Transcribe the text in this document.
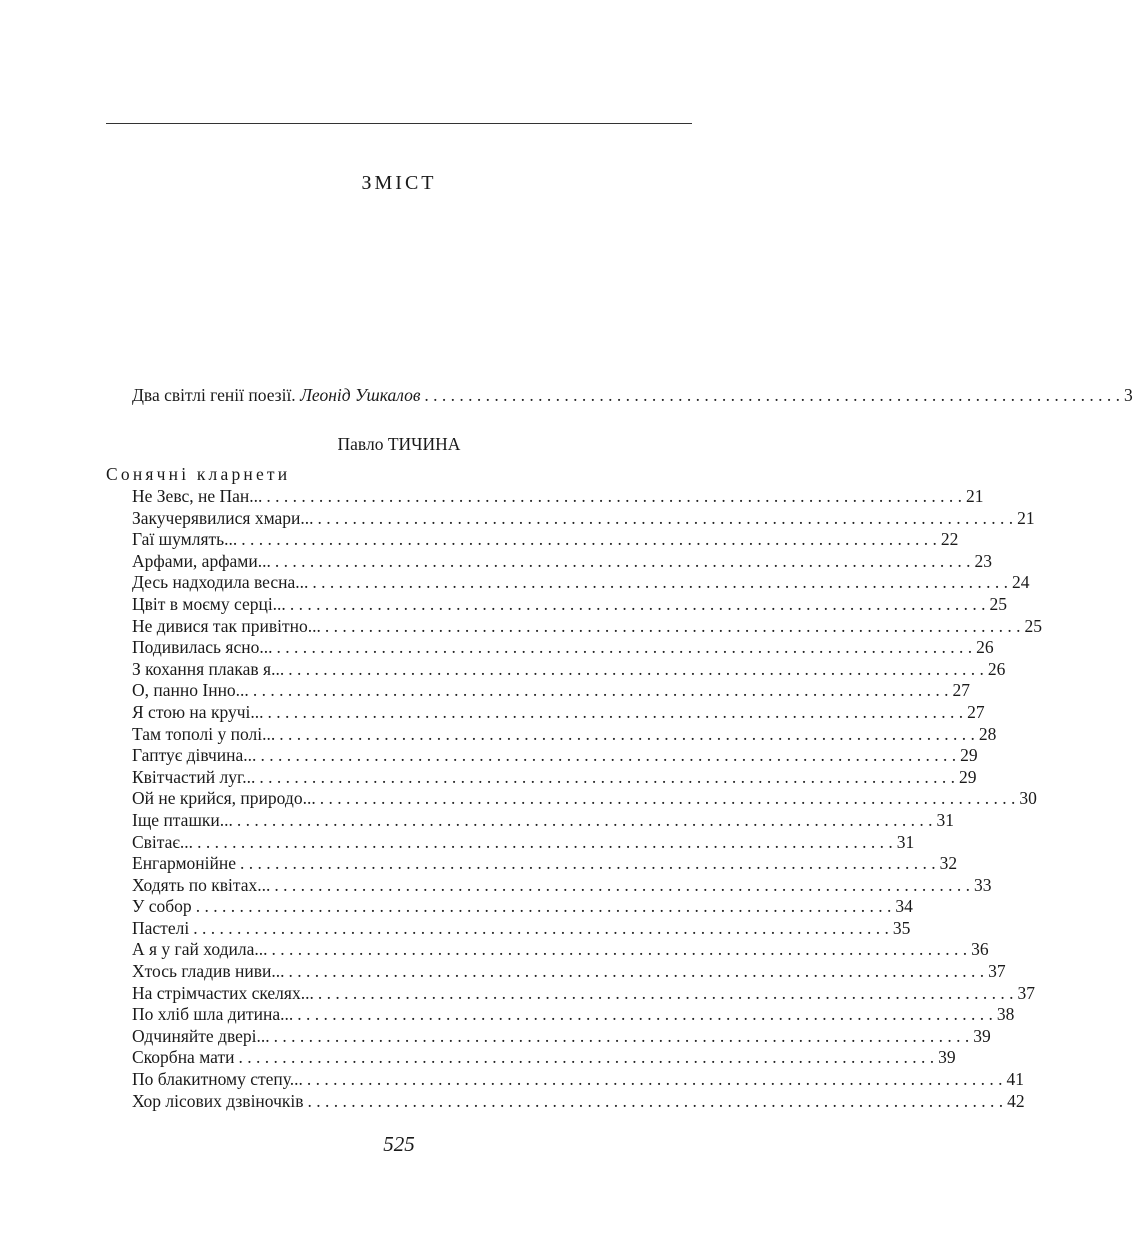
ЗМІСТ
Два світлі генії поезії. Леонід Ушкалов . . . . . . . . . . . . . . . . . . . . . . . . . . . . . . . . . . . . . . . . . . . . . . . . . . . . . . . . . . . . . . . . . . . . . . . . . . . . . . . . 3
Павло ТИЧИНА
Сонячні кларнети
Не Зевс, не Пан... . . . . . . . . . . . . . . . . . . . . . . . . . . . . . . . . . . . . . . . . . . . . . . . . . . . . . . . . . . . . . . . . . . . . . . . . . . . . . . . . 21
Закучерявилися хмари... . . . . . . . . . . . . . . . . . . . . . . . . . . . . . . . . . . . . . . . . . . . . . . . . . . . . . . . . . . . . . . . . . . . . . . . . . . . . . . . . 21
Гаї шумлять... . . . . . . . . . . . . . . . . . . . . . . . . . . . . . . . . . . . . . . . . . . . . . . . . . . . . . . . . . . . . . . . . . . . . . . . . . . . . . . . . 22
Арфами, арфами... . . . . . . . . . . . . . . . . . . . . . . . . . . . . . . . . . . . . . . . . . . . . . . . . . . . . . . . . . . . . . . . . . . . . . . . . . . . . . . . . 23
Десь надходила весна... . . . . . . . . . . . . . . . . . . . . . . . . . . . . . . . . . . . . . . . . . . . . . . . . . . . . . . . . . . . . . . . . . . . . . . . . . . . . . . . . 24
Цвіт в моєму серці... . . . . . . . . . . . . . . . . . . . . . . . . . . . . . . . . . . . . . . . . . . . . . . . . . . . . . . . . . . . . . . . . . . . . . . . . . . . . . . . . 25
Не дивися так привітно... . . . . . . . . . . . . . . . . . . . . . . . . . . . . . . . . . . . . . . . . . . . . . . . . . . . . . . . . . . . . . . . . . . . . . . . . . . . . . . . . 25
Подивилась ясно... . . . . . . . . . . . . . . . . . . . . . . . . . . . . . . . . . . . . . . . . . . . . . . . . . . . . . . . . . . . . . . . . . . . . . . . . . . . . . . . . 26
З кохання плакав я... . . . . . . . . . . . . . . . . . . . . . . . . . . . . . . . . . . . . . . . . . . . . . . . . . . . . . . . . . . . . . . . . . . . . . . . . . . . . . . . . 26
О, панно Інно... . . . . . . . . . . . . . . . . . . . . . . . . . . . . . . . . . . . . . . . . . . . . . . . . . . . . . . . . . . . . . . . . . . . . . . . . . . . . . . . . 27
Я стою на кручі... . . . . . . . . . . . . . . . . . . . . . . . . . . . . . . . . . . . . . . . . . . . . . . . . . . . . . . . . . . . . . . . . . . . . . . . . . . . . . . . . 27
Там тополі у полі... . . . . . . . . . . . . . . . . . . . . . . . . . . . . . . . . . . . . . . . . . . . . . . . . . . . . . . . . . . . . . . . . . . . . . . . . . . . . . . . . 28
Гаптує дівчина... . . . . . . . . . . . . . . . . . . . . . . . . . . . . . . . . . . . . . . . . . . . . . . . . . . . . . . . . . . . . . . . . . . . . . . . . . . . . . . . . 29
Квітчастий луг... . . . . . . . . . . . . . . . . . . . . . . . . . . . . . . . . . . . . . . . . . . . . . . . . . . . . . . . . . . . . . . . . . . . . . . . . . . . . . . . . 29
Ой не крийся, природо... . . . . . . . . . . . . . . . . . . . . . . . . . . . . . . . . . . . . . . . . . . . . . . . . . . . . . . . . . . . . . . . . . . . . . . . . . . . . . . . . 30
Іще пташки... . . . . . . . . . . . . . . . . . . . . . . . . . . . . . . . . . . . . . . . . . . . . . . . . . . . . . . . . . . . . . . . . . . . . . . . . . . . . . . . . 31
Світає... . . . . . . . . . . . . . . . . . . . . . . . . . . . . . . . . . . . . . . . . . . . . . . . . . . . . . . . . . . . . . . . . . . . . . . . . . . . . . . . . 31
Енгармонійне . . . . . . . . . . . . . . . . . . . . . . . . . . . . . . . . . . . . . . . . . . . . . . . . . . . . . . . . . . . . . . . . . . . . . . . . . . . . . . . . 32
Ходять по квітах... . . . . . . . . . . . . . . . . . . . . . . . . . . . . . . . . . . . . . . . . . . . . . . . . . . . . . . . . . . . . . . . . . . . . . . . . . . . . . . . . 33
У собор . . . . . . . . . . . . . . . . . . . . . . . . . . . . . . . . . . . . . . . . . . . . . . . . . . . . . . . . . . . . . . . . . . . . . . . . . . . . . . . . 34
Пастелі . . . . . . . . . . . . . . . . . . . . . . . . . . . . . . . . . . . . . . . . . . . . . . . . . . . . . . . . . . . . . . . . . . . . . . . . . . . . . . . . 35
А я у гай ходила... . . . . . . . . . . . . . . . . . . . . . . . . . . . . . . . . . . . . . . . . . . . . . . . . . . . . . . . . . . . . . . . . . . . . . . . . . . . . . . . . 36
Хтось гладив ниви... . . . . . . . . . . . . . . . . . . . . . . . . . . . . . . . . . . . . . . . . . . . . . . . . . . . . . . . . . . . . . . . . . . . . . . . . . . . . . . . . 37
На стрімчастих скелях... . . . . . . . . . . . . . . . . . . . . . . . . . . . . . . . . . . . . . . . . . . . . . . . . . . . . . . . . . . . . . . . . . . . . . . . . . . . . . . . . 37
По хліб шла дитина... . . . . . . . . . . . . . . . . . . . . . . . . . . . . . . . . . . . . . . . . . . . . . . . . . . . . . . . . . . . . . . . . . . . . . . . . . . . . . . . . 38
Одчиняйте двері... . . . . . . . . . . . . . . . . . . . . . . . . . . . . . . . . . . . . . . . . . . . . . . . . . . . . . . . . . . . . . . . . . . . . . . . . . . . . . . . . 39
Скорбна мати . . . . . . . . . . . . . . . . . . . . . . . . . . . . . . . . . . . . . . . . . . . . . . . . . . . . . . . . . . . . . . . . . . . . . . . . . . . . . . . . 39
По блакитному степу... . . . . . . . . . . . . . . . . . . . . . . . . . . . . . . . . . . . . . . . . . . . . . . . . . . . . . . . . . . . . . . . . . . . . . . . . . . . . . . . . 41
Хор лісових дзвіночків . . . . . . . . . . . . . . . . . . . . . . . . . . . . . . . . . . . . . . . . . . . . . . . . . . . . . . . . . . . . . . . . . . . . . . . . . . . . . . . . 42
525
